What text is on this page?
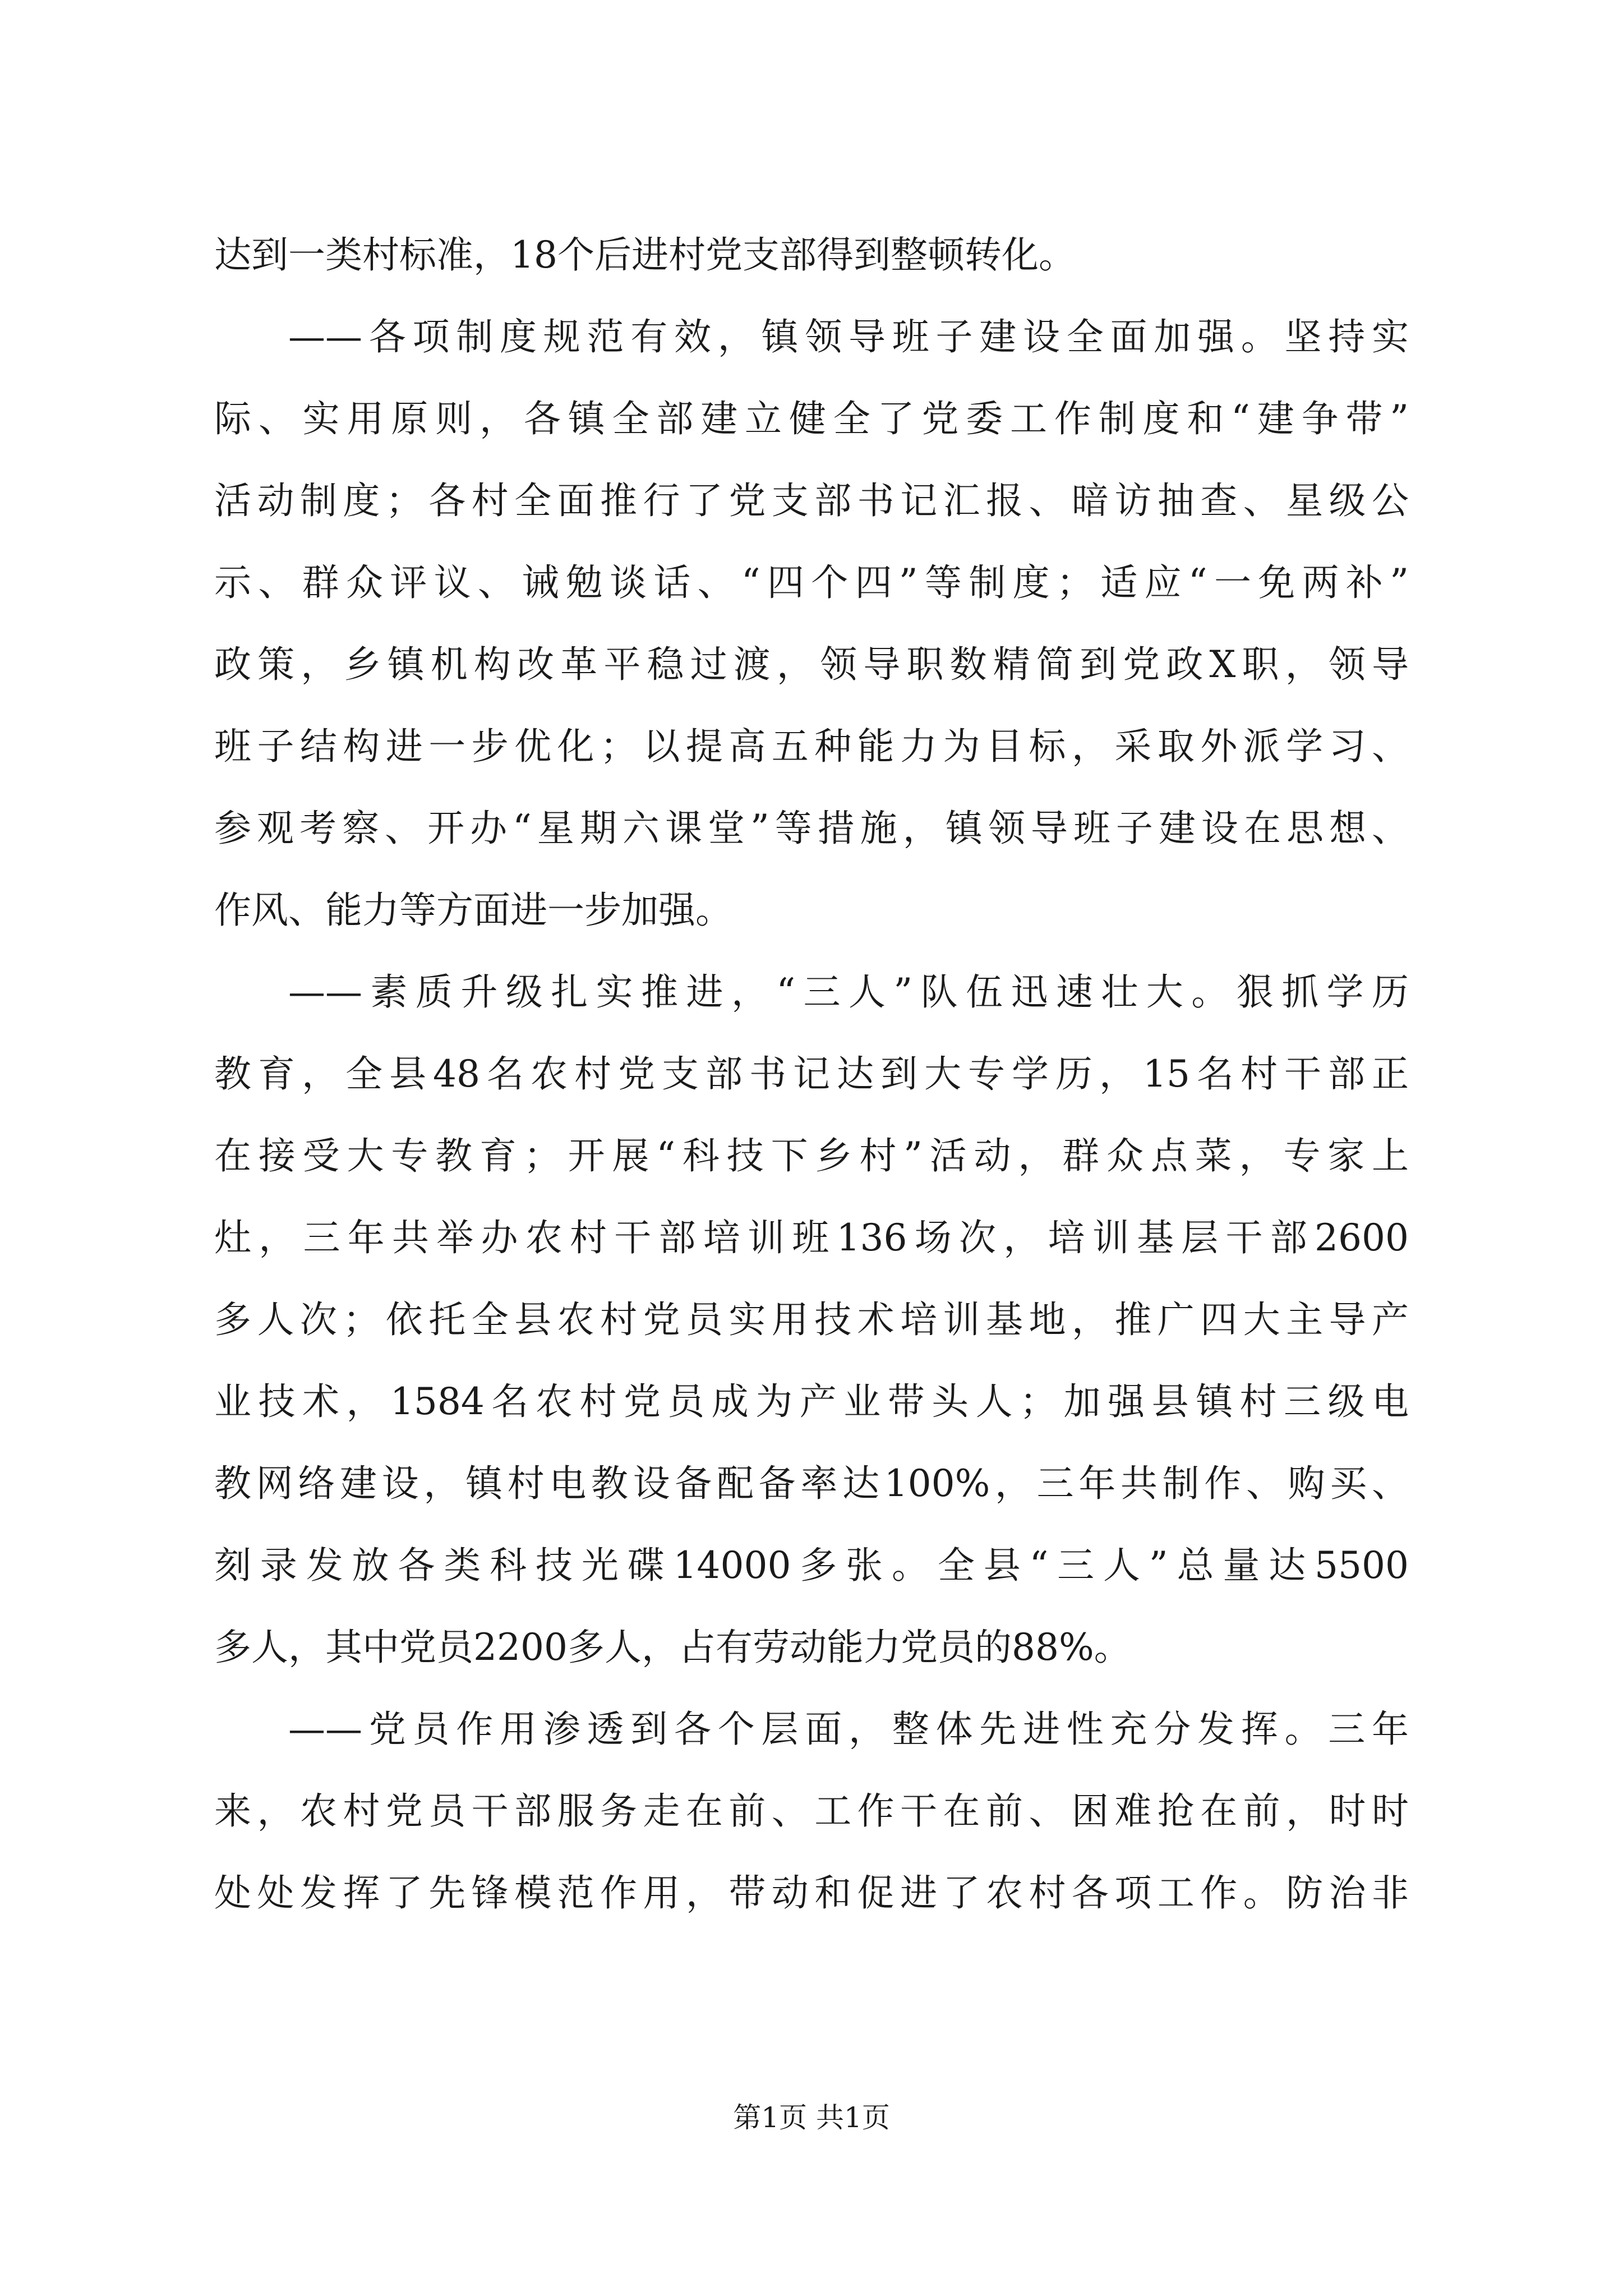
达到一类村标准，18个后进村党支部得到整顿转化。
——各项制度规范有效，镇领导班子建设全面加强。坚持实
际、实用原则，各镇全部建立健全了党委工作制度和“建争带”
活动制度；各村全面推行了党支部书记汇报、暗访抽查、星级公
示、群众评议、诫勉谈话、“四个四”等制度；适应“一免两补”
政策，乡镇机构改革平稳过渡，领导职数精简到党政X职，领导
班子结构进一步优化；以提高五种能力为目标，采取外派学习、
参观考察、开办“星期六课堂”等措施，镇领导班子建设在思想、
作风、能力等方面进一步加强。
——素质升级扎实推进，“三人”队伍迅速壮大。狠抓学历
教育，全县48名农村党支部书记达到大专学历，15名村干部正
在接受大专教育；开展“科技下乡村”活动，群众点菜，专家上
灶，三年共举办农村干部培训班136场次，培训基层干部2600
多人次；依托全县农村党员实用技术培训基地，推广四大主导产
业技术，1584名农村党员成为产业带头人；加强县镇村三级电
教网络建设，镇村电教设备配备率达100%，三年共制作、购买、
刻录发放各类科技光碟14000多张。全县“三人”总量达5500
多人，其中党员2200多人，占有劳动能力党员的88%。
——党员作用渗透到各个层面，整体先进性充分发挥。三年
来，农村党员干部服务走在前、工作干在前、困难抢在前，时时
处处发挥了先锋模范作用，带动和促进了农村各项工作。防治非
第1页 共1页
